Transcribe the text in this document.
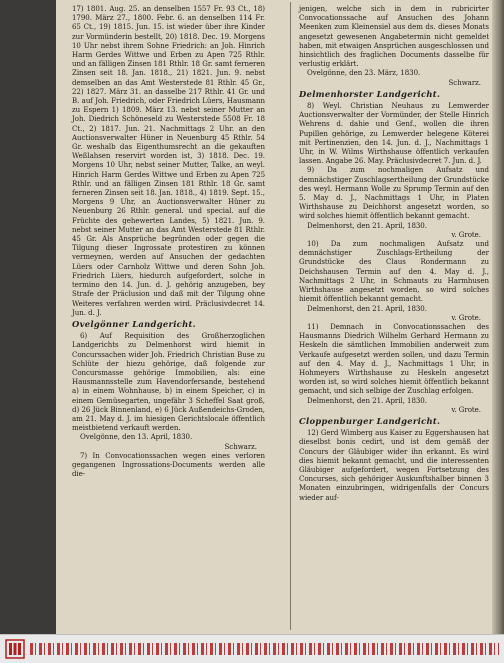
17) 1801. Aug. 25. an denselben 1557 Fr. 93 Ct., 18) 1790. März 27., 1800. Febr. 6. an denselben 114 Fr. 65 Ct., 19) 1815. Jun. 15. ist wieder über ihre Kinder zur Vormünderin bestellt, 20) 1818. Dec. 19. Morgens 10 Uhr nebst ihrem Sohne Friedrich: an Joh. Hinrich Harm Gerdes Wittwe und Erben zu Apen 725 Rthlr. und an fälligen Zinsen 181 Rthlr. 18 Gr. samt ferneren Zinsen seit 18. Jan. 1818., 21) 1821. Jun. 9. nebst demselben an das Amt Westerstede 81 Rthlr. 45 Gr., 22) 1827. März 31. an dasselbe 217 Rthlr. 41 Gr. und B. auf Joh. Friedrich, oder Friedrich Lüers, Hausmann zu Espern 1) 1809. März 13. nebst seiner Mutter an Joh. Diedrich Schöneseld zu Westerstede 5508 Fr. 18 Ct., 2) 1817. Jun. 21. Nachmittags 2 Uhr. an den Auctionsverwalter Hüner in Neuenburg 45 Rthlr. 54 Gr. weshalb das Eigenthumsrecht an die gekauften Weßlahsen reservirt worden ist, 3) 1818. Dec. 19. Morgens 10 Uhr, nebst seiner Mutter, Talke, an weyl. Hinrich Harm Gerdes Wittwe und Erben zu Apen 725 Rthlr. und an fälligen Zinsen 181 Rthlr. 18 Gr. samt ferneren Zinsen seit 18. Jan. 1818., 4) 1819. Sept. 15., Morgens 9 Uhr, an Auctionsverwalter Hüner zu Neuenburg 26 Rthlr. general. und special. auf die Früchte des gehewerten Landes, 5) 1821. Jun. 9. nebst seiner Mutter an das Amt Westerstede 81 Rthlr. 45 Gr. Als Ansprüche begründen oder gegen die Tilgung dieser Ingrossate protestiren zu können vermeynen, werden auf Ansuchen der gedachten Lüers oder Carnholz Wittwe und deren Sohn Joh. Friedrich Lüers, hiedurch aufgefordert, solche in termino den 14. Jun. d. J. gehörig anzugeben, bey Strafe der Präclusion und daß mit der Tilgung ohne Weiteres verfahren werden wird. Präclusivdecret 14. Jun. d. J.

Ovelgönner Landgericht.

6) Auf Requisition des Großherzoglichen Landgerichts zu Delmenhorst wird hiemit in Concurssachen wider Joh. Friedrich Christian Buse zu Schlüte der hiezu gehörige, daß folgende zur Concursmasse gehörige Immobilien, als: eine Hausmannsstelle zum Havendorfersande, bestehend a) in einem Wohnhause, b) in einem Speicher, c) in einem Gemüsegarten, ungefähr 3 Scheffel Saat groß, d) 26 Jück Binnenland, e) 6 Jück Außendeichs-Groden, am 21. May d. J. im hiesigen Gerichtslocale öffentlich meistbietend verkauft werden.

Ovelgönne, den 13. April, 1830.

Schwarz.

7) In Convocationssachen wegen eines verloren gegangenen Ingrossations-Documents werden alle die-

jenigen, welche sich in dem in rubricirter Convocationssache auf Ansuchen des Johann Meenken zum Kleinensiel aus dem ds. dieses Monats angesetzt gewesenen Angabetermin nicht gemeldet haben, mit etwaigen Ansprüchen ausgeschlossen und hinsichtlich des fraglichen Documents dasselbe für verlustig erklärt.

Ovelgönne, den 23. März, 1830.

Schwarz.

Delmenhorster Landgericht.

8) Weyl. Christian Neuhaus zu Lemwerder Auctionsverwalter der Vormünder, der Stelle Hinrich Wehrens d. dahie und Genf., wollen die ihren Pupillen gehörige, zu Lemwerder belegene Köterei mit Pertinenzien, den 14. Jun. d. J., Nachmittags 1 Uhr, in W. Wilms Wirthshause öffentlich verkaufen lassen. Angabe 26. May. Präclusivdecret 7. Jun. d. J.

9) Da zum nochmaligen Aufsatz und demnächstiger Zuschlagsertheilung der Grundstücke des weyl. Hermann Wolle zu Sprump Termin auf den 5. May d. J., Nachmittags 1 Uhr, in Platen Wirthshause zu Deichhorst angesetzt worden, so wird solches hiemit öffentlich bekannt gemacht.

Delmenhorst, den 21. April, 1830.

v. Grote.

10) Da zum nochmaligen Aufsatz und demnächstiger Zuschlags-Ertheilung der Grundstücke des Claus Rondermann zu Deichshausen Termin auf den 4. May d. J., Nachmittags 2 Uhr, in Schmauts zu Harmhusen Wirthshause angesetzt worden, so wird solches hiemit öffentlich bekannt gemacht.

Delmenhorst, den 21. April, 1830.

v. Grote.

11) Demnach in Convocationssachen des Hausmanns Diedrich Wilhelm Gerhard Hermann zu Heskeln die sämtlichen Immobilien anderweit zum Verkaufe aufgesetzt werden sollen, und dazu Termin auf den 4. May d. J., Nachmittags 1 Uhr, in Hohmeyers Wirthshause zu Heskeln angesetzt worden ist, so wird solches hiemit öffentlich bekannt gemacht, und sich selbige der Zuschlag erfolgen.

Delmenhorst, den 21. April, 1830.

v. Grote.

Cloppenburger Landgericht.

12) Gerd Wimberg aus Kaiser zu Eggershausen hat dieselbst bonis cedirt, und ist dem gemäß der Concurs der Gläubiger wider ihn erkannt. Es wird dies hiemit bekannt gemacht, und die interessenten Gläubiger aufgefordert, wegen Fortsetzung des Concurses, sich gehöriger Auskunftshalber binnen 3 Monaten einzubringen, widrigenfalls der Concurs wieder auf-
